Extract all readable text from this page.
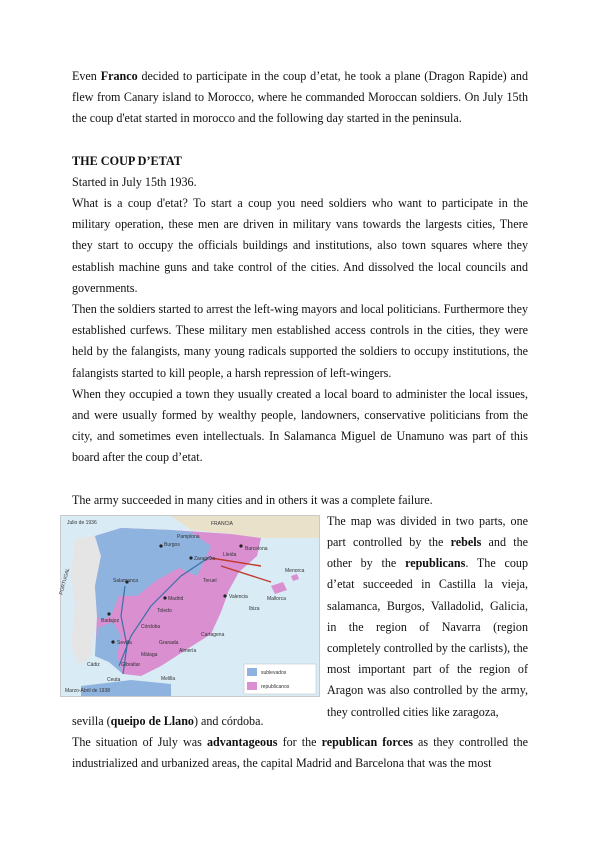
Even Franco decided to participate in the coup d’etat, he took a plane (Dragon Rapide) and flew from Canary island to Morocco, where he commanded Moroccan soldiers. On July 15th the coup d'etat started in morocco and the following day started in the peninsula.

THE COUP D’ETAT

Started in July 15th 1936.

What is a coup d'etat? To start a coup you need soldiers who want to participate in the military operation, these men are driven in military vans towards the largests cities, There they start to occupy the officials buildings and institutions, also town squares where they establish machine guns and take control of the cities. And dissolved the local councils and governments.

Then the soldiers started to arrest the left-wing mayors and local politicians. Furthermore they established curfews. These military men established access controls in the cities, they were held by the falangists, many young radicals supported the soldiers to occupy institutions, the falangists started to kill people, a harsh repression of left-wingers.

When they occupied a town they usually created a local board to administer the local issues, and were usually formed by wealthy people, landowners, conservative politicians from the city, and sometimes even intellectuals. In Salamanca Miguel de Unamuno was part of this board after the coup d’etat.

The army succeeded in many cities and in others it was a complete failure.

Julio de 1936	FRANCIA
PORTUGAL
Burgos
Zaragoza
Salamanca
Madrid
Toledo
Badajoz
Sevilla
Cádiz	Gibraltar
Ceuta	Melilla
Pamplona
Barcelona
Valencia
Cartagena
Mallorca
Menorca
Ibiza
Córdoba
Granada
Málaga
Almería
Teruel
Lleida
Marzo-Abril de 1938
sublevados
republicanos

The map was divided in two parts, one part controlled by the rebels and the other by the republicans. The coup d’etat succeeded in Castilla la vieja, salamanca, Burgos, Valladolid, Galicia, in the region of Navarra (region completely controlled by the carlists), the most important part of the region of Aragon was also controlled by the army, they controlled cities like zaragoza,

sevilla (queipo de Llano) and córdoba.

The situation of July was advantageous for the republican forces as they controlled the industrialized and urbanized areas, the capital Madrid and Barcelona that was the most
